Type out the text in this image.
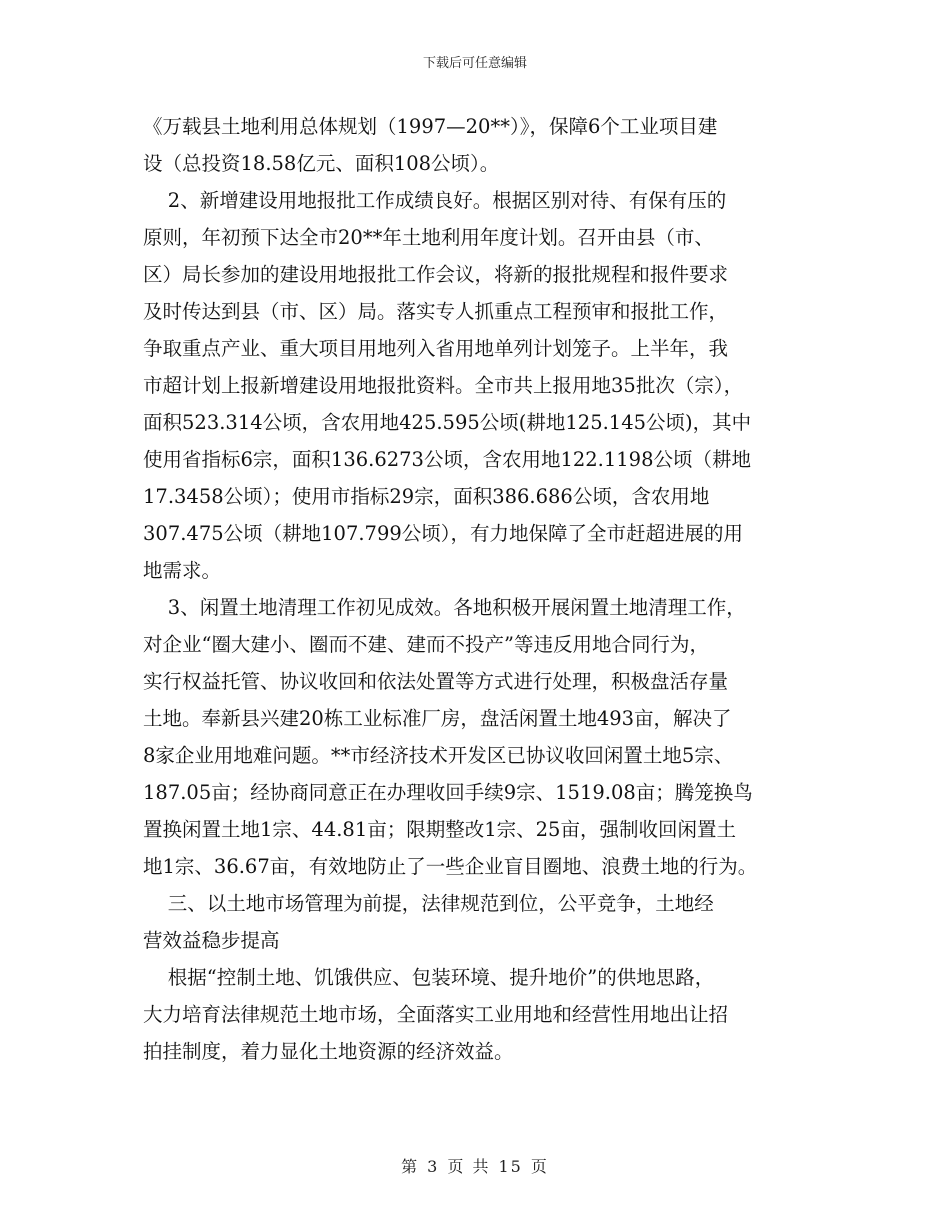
下载后可任意编辑
《万载县土地利用总体规划（1997—20**）》，保障6个工业项目建
设（总投资18.58亿元、面积108公顷）。
2、新增建设用地报批工作成绩良好。根据区别对待、有保有压的
原则，年初预下达全市20**年土地利用年度计划。召开由县（市、
区）局长参加的建设用地报批工作会议，将新的报批规程和报件要求
及时传达到县（市、区）局。落实专人抓重点工程预审和报批工作，
争取重点产业、重大项目用地列入省用地单列计划笼子。上半年，我
市超计划上报新增建设用地报批资料。全市共上报用地35批次（宗），
面积523.314公顷，含农用地425.595公顷(耕地125.145公顷)，其中
使用省指标6宗，面积136.6273公顷，含农用地122.1198公顷（耕地
17.3458公顷）；使用市指标29宗，面积386.686公顷，含农用地
307.475公顷（耕地107.799公顷），有力地保障了全市赶超进展的用
地需求。
3、闲置土地清理工作初见成效。各地积极开展闲置土地清理工作，
对企业“圈大建小、圈而不建、建而不投产”等违反用地合同行为，
实行权益托管、协议收回和依法处置等方式进行处理，积极盘活存量
土地。奉新县兴建20栋工业标准厂房，盘活闲置土地493亩，解决了
8家企业用地难问题。**市经济技术开发区已协议收回闲置土地5宗、
187.05亩；经协商同意正在办理收回手续9宗、1519.08亩；腾笼换鸟
置换闲置土地1宗、44.81亩；限期整改1宗、25亩，强制收回闲置土
地1宗、36.67亩，有效地防止了一些企业盲目圈地、浪费土地的行为。
三、以土地市场管理为前提，法律规范到位，公平竞争，土地经
营效益稳步提高
根据“控制土地、饥饿供应、包装环境、提升地价”的供地思路，
大力培育法律规范土地市场，全面落实工业用地和经营性用地出让招
拍挂制度，着力显化土地资源的经济效益。
第 3 页 共 15 页
